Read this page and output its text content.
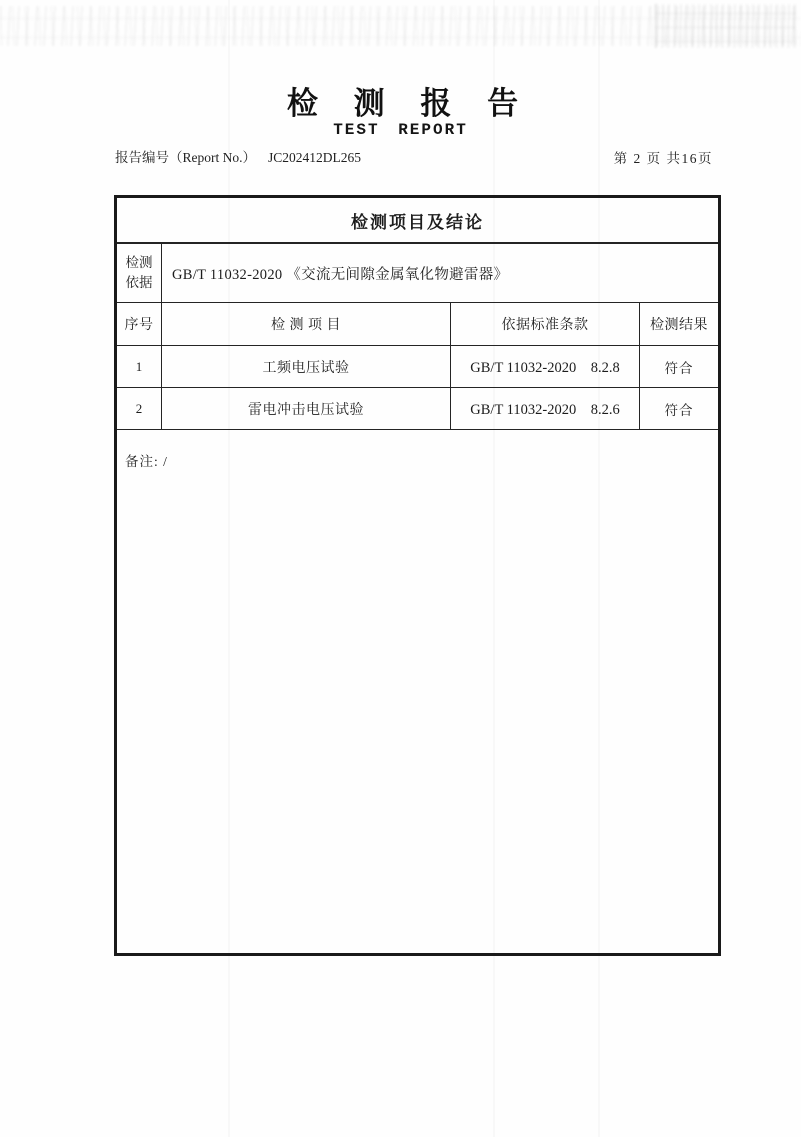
检 测 报 告
TEST REPORT
报告编号（Report No.） JC202412DL265	第 2 页 共16页
检测项目及结论			
检测
依据	GB/T 11032-2020 《交流无间隙金属氧化物避雷器》		
序号	检 测 项 目	依据标准条款	检测结果
1	工频电压试验	GB/T 11032-2020　8.2.8	符合
2	雷电冲击电压试验	GB/T 11032-2020　8.2.6	符合
备注: /			
